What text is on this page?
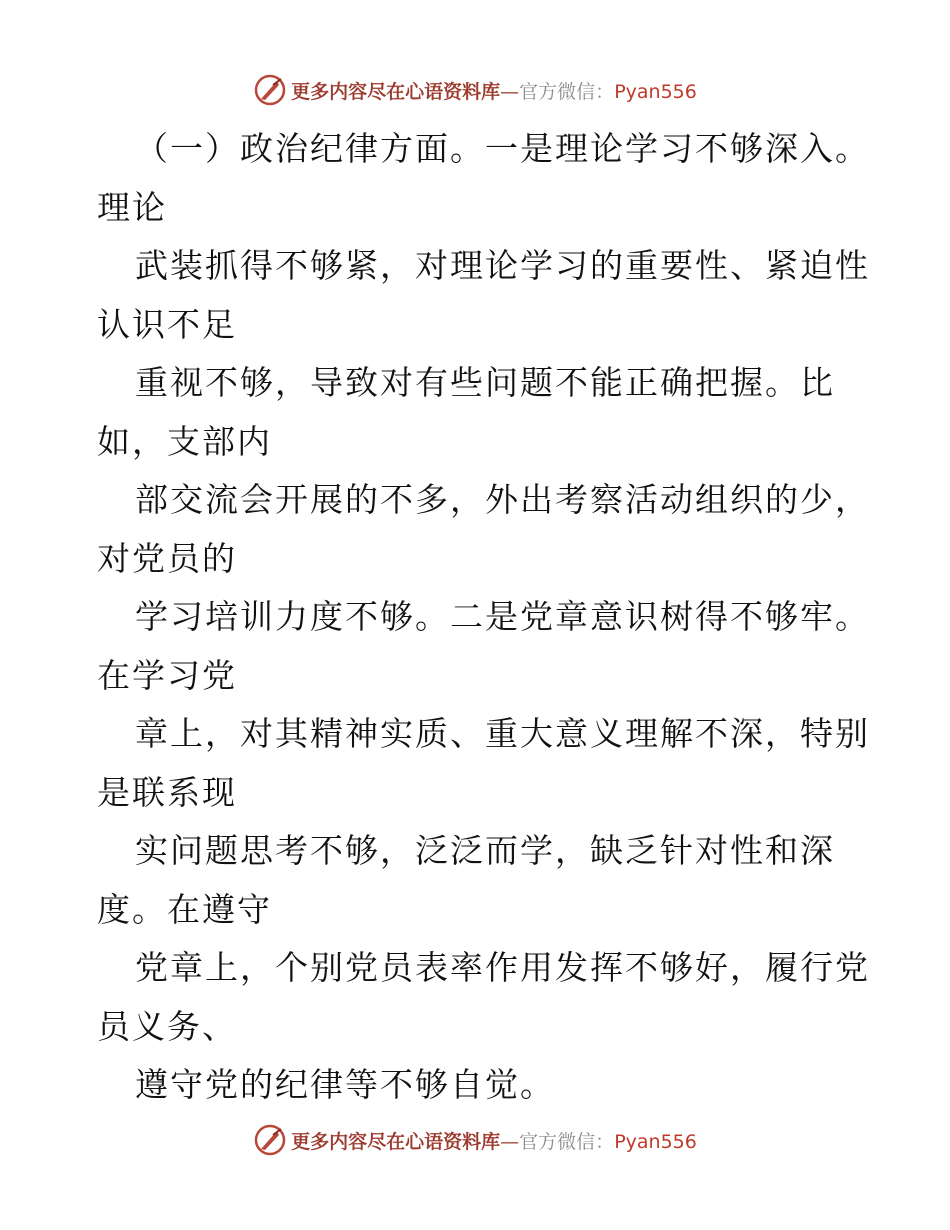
更多内容尽在心语资料库—官方微信：Pyan556
（一）政治纪律方面。一是理论学习不够深入。
理论
武装抓得不够紧，对理论学习的重要性、紧迫性
认识不足
重视不够，导致对有些问题不能正确把握。比
如，支部内
部交流会开展的不多，外出考察活动组织的少，
对党员的
学习培训力度不够。二是党章意识树得不够牢。
在学习党
章上，对其精神实质、重大意义理解不深，特别
是联系现
实问题思考不够，泛泛而学，缺乏针对性和深
度。在遵守
党章上，个别党员表率作用发挥不够好，履行党
员义务、
遵守党的纪律等不够自觉。
更多内容尽在心语资料库—官方微信：Pyan556
